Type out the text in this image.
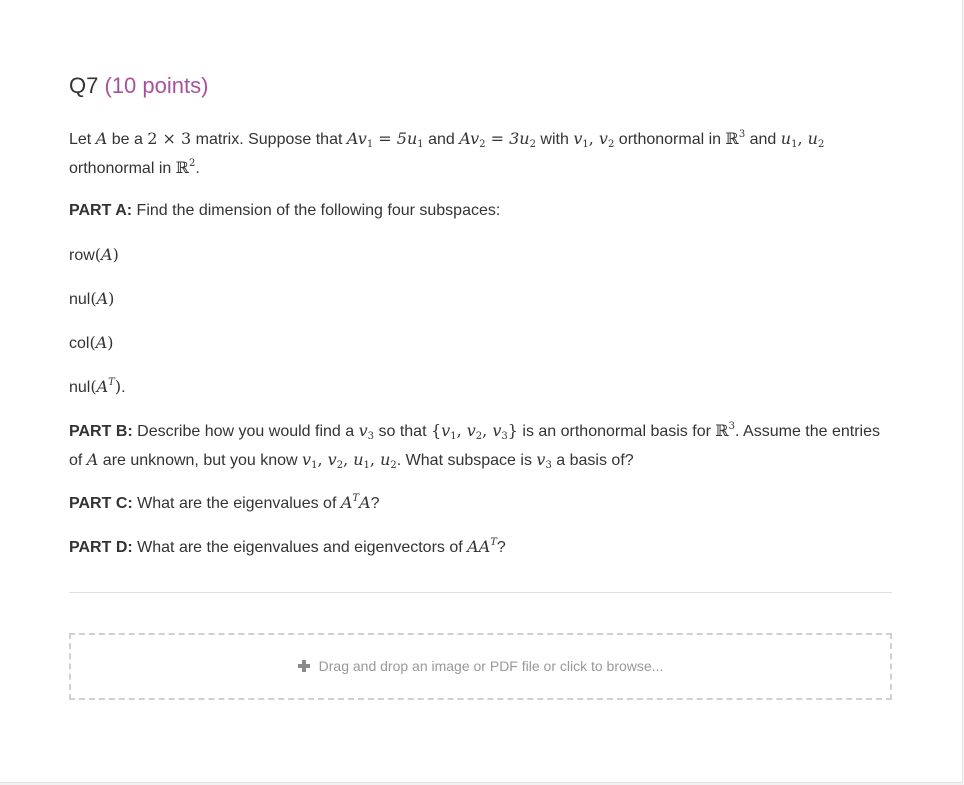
Q7 (10 points)
Let A be a 2 × 3 matrix. Suppose that $Av_1 = 5u_1$ and $Av_2 = 3u_2$ with $v_1$, $v_2$ orthonormal in ℝ$^3$ and $u_1$, $u_2$ orthonormal in ℝ$^2$.
PART A: Find the dimension of the following four subspaces:
row(A)
nul(A)
col(A)
$nul(A^T)$.
PART B: Describe how you would find a $v_3$ so that {$v_1$, $v_2$, $v_3$} is an orthonormal basis for ℝ$^3$. Assume the entries of A are unknown, but you know $v_1$, $v_2$, $u_1$, $u_2$. What subspace is $v_3$ a basis of?
PART C: What are the eigenvalues of $A^TA$?
PART D: What are the eigenvalues and eigenvectors of $AA^T$?
Drag and drop an image or PDF file or click to browse...
